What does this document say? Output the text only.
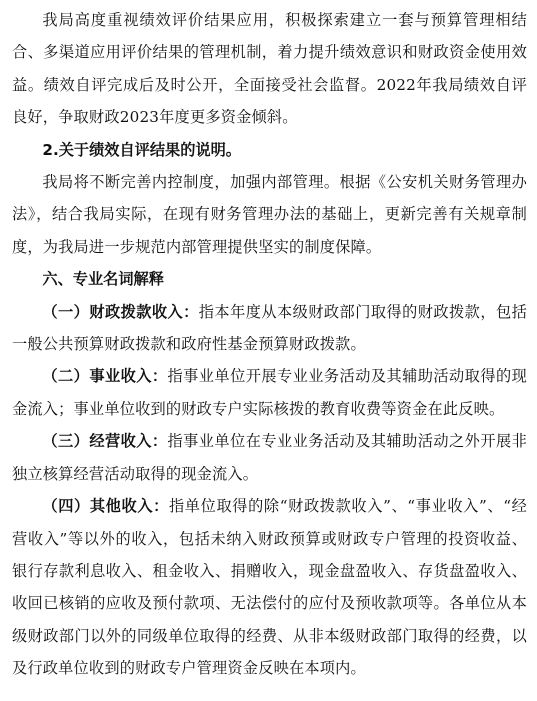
我局高度重视绩效评价结果应用，积极探索建立一套与预算管理相结合、多渠道应用评价结果的管理机制，着力提升绩效意识和财政资金使用效益。绩效自评完成后及时公开，全面接受社会监督。2022年我局绩效自评良好，争取财政2023年度更多资金倾斜。

2.关于绩效自评结果的说明。

我局将不断完善内控制度，加强内部管理。根据《公安机关财务管理办法》，结合我局实际，在现有财务管理办法的基础上，更新完善有关规章制度，为我局进一步规范内部管理提供坚实的制度保障。

六、专业名词解释

（一）财政拨款收入：指本年度从本级财政部门取得的财政拨款，包括一般公共预算财政拨款和政府性基金预算财政拨款。

（二）事业收入：指事业单位开展专业业务活动及其辅助活动取得的现金流入；事业单位收到的财政专户实际核拨的教育收费等资金在此反映。

（三）经营收入：指事业单位在专业业务活动及其辅助活动之外开展非独立核算经营活动取得的现金流入。

（四）其他收入：指单位取得的除“财政拨款收入”、“事业收入”、“经营收入”等以外的收入，包括未纳入财政预算或财政专户管理的投资收益、银行存款利息收入、租金收入、捐赠收入，现金盘盈收入、存货盘盈收入、收回已核销的应收及预付款项、无法偿付的应付及预收款项等。各单位从本级财政部门以外的同级单位取得的经费、从非本级财政部门取得的经费，以及行政单位收到的财政专户管理资金反映在本项内。
